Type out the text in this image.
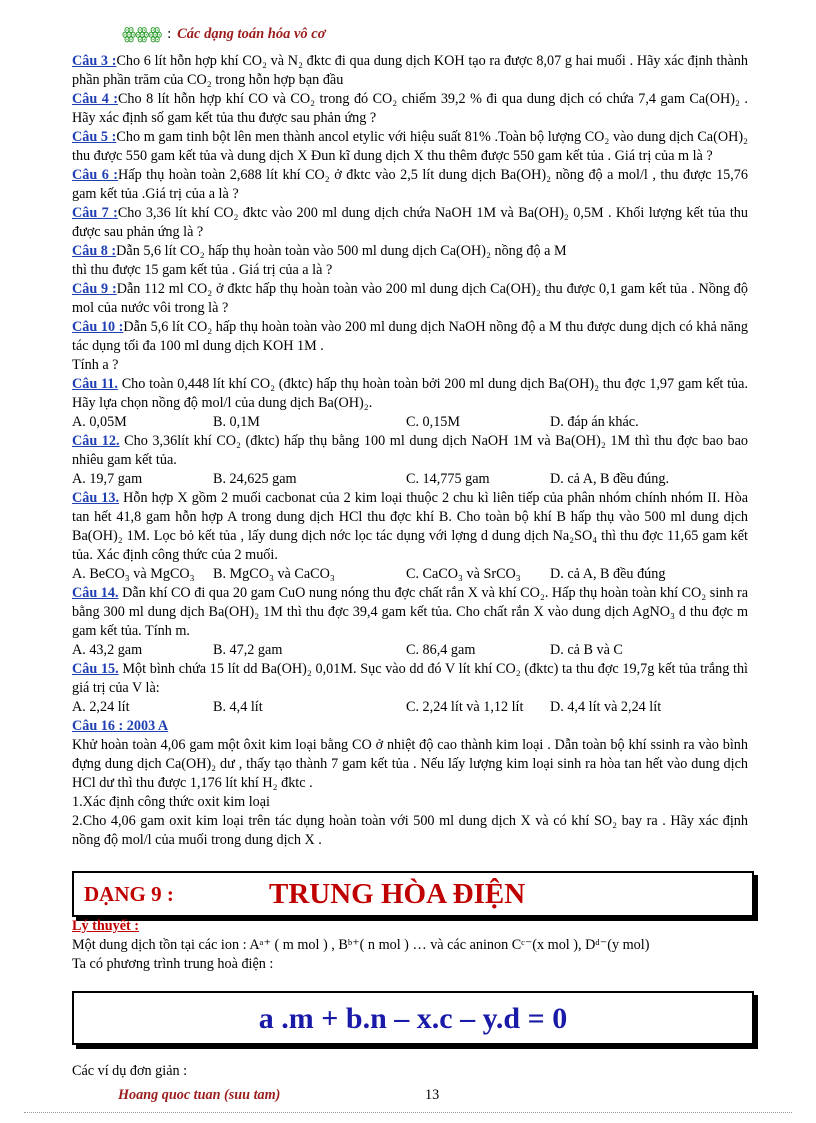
ꙮꙮꙮ : Các dạng toán hóa vô cơ

Câu 3 :Cho 6 lít hỗn hợp khí CO₂ và N₂ đktc đi qua dung dịch KOH tạo ra được 8,07 g hai muối . Hãy xác định thành phần phần trăm của CO₂ trong hỗn hợp bạn đầu

Câu 4 :Cho 8 lít hỗn hợp khí CO và CO₂ trong đó CO₂ chiếm 39,2 % đi qua dung dịch có chứa 7,4 gam Ca(OH)₂ . Hãy xác định số gam kết tủa thu được sau phản ứng ?

Câu 5 :Cho m gam tinh bột lên men thành ancol etylic với hiệu suất 81% .Toàn bộ lượng CO₂ vào dung dịch Ca(OH)₂ thu được 550 gam kết tủa và dung dịch X Đun kĩ dung dịch X thu thêm được 550 gam kết tủa . Giá trị của m là ?

Câu 6 :Hấp thụ hoàn toàn 2,688 lít khí CO₂ ở đktc vào 2,5 lít dung dịch Ba(OH)₂ nồng độ a mol/l , thu được 15,76 gam kết tủa .Giá trị của a là ?

Câu 7 :Cho 3,36 lít khí CO₂ đktc vào 200 ml dung dịch chứa NaOH 1M và Ba(OH)₂ 0,5M . Khối lượng kết tủa thu được sau phản ứng là ?

Câu 8 :Dẫn 5,6 lít CO₂ hấp thụ hoàn toàn vào 500 ml dung dịch Ca(OH)₂ nồng độ a M
thì thu được 15 gam kết tủa . Giá trị của a là ?

Câu 9 :Dẫn 112 ml CO₂ ở đktc hấp thụ hoàn toàn vào 200 ml dung dịch Ca(OH)₂ thu được 0,1 gam kết tủa . Nồng độ mol của nước vôi trong là ?

Câu 10 :Dẫn 5,6 lít CO₂ hấp thụ hoàn toàn vào 200 ml dung dịch NaOH nồng độ a M thu được dung dịch có khả năng tác dụng tối đa 100 ml dung dịch KOH 1M .
Tính a ?

Câu 11. Cho toàn 0,448 lít khí CO₂ (đktc) hấp thụ hoàn toàn bởi 200 ml dung dịch Ba(OH)₂ thu đợc 1,97 gam kết tủa. Hãy lựa chọn nồng độ mol/l của dung dịch Ba(OH)₂.

A. 0,05M	B. 0,1M	C. 0,15M	D. đáp án khác.

Câu 12. Cho 3,36lít khí CO₂ (đktc) hấp thụ bằng 100 ml dung dịch NaOH 1M và Ba(OH)₂ 1M thì thu đợc bao bao nhiêu gam kết tủa.

A. 19,7 gam	B. 24,625 gam	C. 14,775 gam	D. cả A, B đều đúng.

Câu 13. Hỗn hợp X gồm 2 muối cacbonat của 2 kim loại thuộc 2 chu kì liên tiếp của phân nhóm chính nhóm II. Hòa tan hết 41,8 gam hỗn hợp A trong dung dịch HCl thu đợc khí B. Cho toàn bộ khí B hấp thụ vào 500 ml dung dịch Ba(OH)₂ 1M. Lọc bỏ kết tủa , lấy dung dịch nớc lọc tác dụng với lợng d dung dịch Na₂SO₄ thì thu đợc 11,65 gam kết tủa. Xác định công thức của 2 muối.

A. BeCO₃ và MgCO₃	B. MgCO₃ và CaCO₃	C. CaCO₃ và SrCO₃	D. cả A, B đều đúng

Câu 14. Dẫn khí CO đi qua 20 gam CuO nung nóng thu đợc chất rắn X và khí CO₂. Hấp thụ hoàn toàn khí CO₂ sinh ra bằng 300 ml dung dịch Ba(OH)₂ 1M thì thu đợc 39,4 gam kết tủa. Cho chất rắn X vào dung dịch AgNO₃ d thu đợc m gam kết tủa. Tính m.

A. 43,2 gam	B. 47,2 gam	C. 86,4 gam	D. cả B và C

Câu 15. Một bình chứa 15 lít dd Ba(OH)₂ 0,01M. Sục vào dd đó V lít khí CO₂ (đktc) ta thu đợc 19,7g kết tủa trắng thì giá trị của V là:

A. 2,24 lít	B. 4,4 lít	C. 2,24 lít và 1,12 lít	D. 4,4 lít và 2,24 lít

Câu 16 : 2003 A

Khử hoàn toàn 4,06 gam một ôxit kim loại bằng CO ở nhiệt độ cao thành kim loại . Dẫn toàn bộ khí ssinh ra vào bình đựng dung dịch Ca(OH)₂ dư , thấy tạo thành 7 gam kết tủa . Nếu lấy lượng kim loại sinh ra hòa tan hết vào dung dịch HCl dư thì thu được 1,176 lít khí H₂ đktc .

1.Xác định công thức oxit kim loại

2.Cho 4,06 gam oxit kim loại trên tác dụng hoàn toàn với 500 ml dung dịch X và có khí SO₂ bay ra . Hãy xác định nồng độ mol/l của muối trong dung dịch X .

DẠNG 9 :	TRUNG HÒA ĐIỆN
Lý thuyết :
Một dung dịch tồn tại các ion : Aᵃ⁺ ( m mol ) , Bᵇ⁺( n mol ) … và các aninon Cᶜ⁻(x mol ), Dᵈ⁻(y mol)
Ta có phương trình trung hoà điện :
a .m + b.n – x.c – y.d = 0
Các ví dụ đơn giản :
Hoang quoc tuan (suu tam)	13
